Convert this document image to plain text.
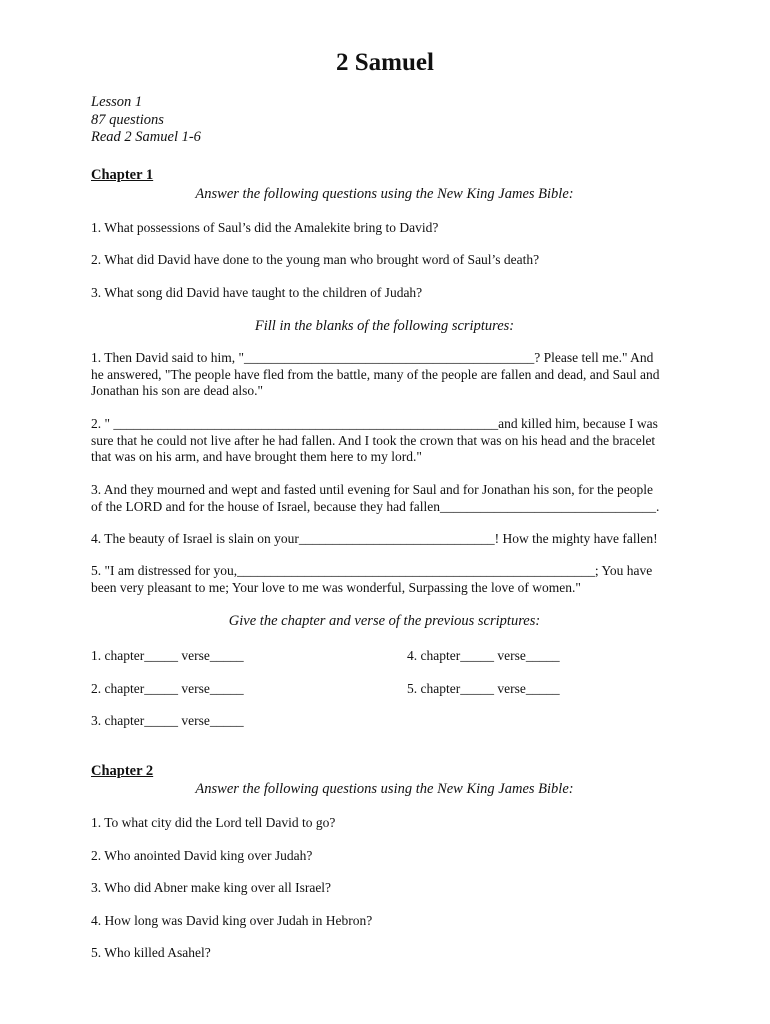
2 Samuel
Lesson 1
87 questions
Read 2 Samuel 1-6
Chapter 1
Answer the following questions using the New King James Bible:
1. What possessions of Saul’s did the Amalekite bring to David?
2. What did David have done to the young man who brought word of Saul’s death?
3. What song did David have taught to the children of Judah?
Fill in the blanks of the following scriptures:
1. Then David said to him, "___________________________________________? Please tell me." And
he answered, "The people have fled from the battle, many of the people are fallen and dead, and Saul and
Jonathan his son are dead also."
2. " _________________________________________________________and killed him, because I was
sure that he could not live after he had fallen. And I took the crown that was on his head and the bracelet
that was on his arm, and have brought them here to my lord."
3. And they mourned and wept and fasted until evening for Saul and for Jonathan his son, for the people
of the LORD and for the house of Israel, because they had fallen________________________________.
4. The beauty of Israel is slain on your_____________________________! How the mighty have fallen!
5. "I am distressed for you,_____________________________________________________; You have
been very pleasant to me; Your love to me was wonderful, Surpassing the love of women."
Give the chapter and verse of the previous scriptures:
1. chapter_____ verse_____
2. chapter_____ verse_____
3. chapter_____ verse_____
4. chapter_____ verse_____
5. chapter_____ verse_____
Chapter 2
Answer the following questions using the New King James Bible:
1. To what city did the Lord tell David to go?
2. Who anointed David king over Judah?
3. Who did Abner make king over all Israel?
4. How long was David king over Judah in Hebron?
5. Who killed Asahel?
